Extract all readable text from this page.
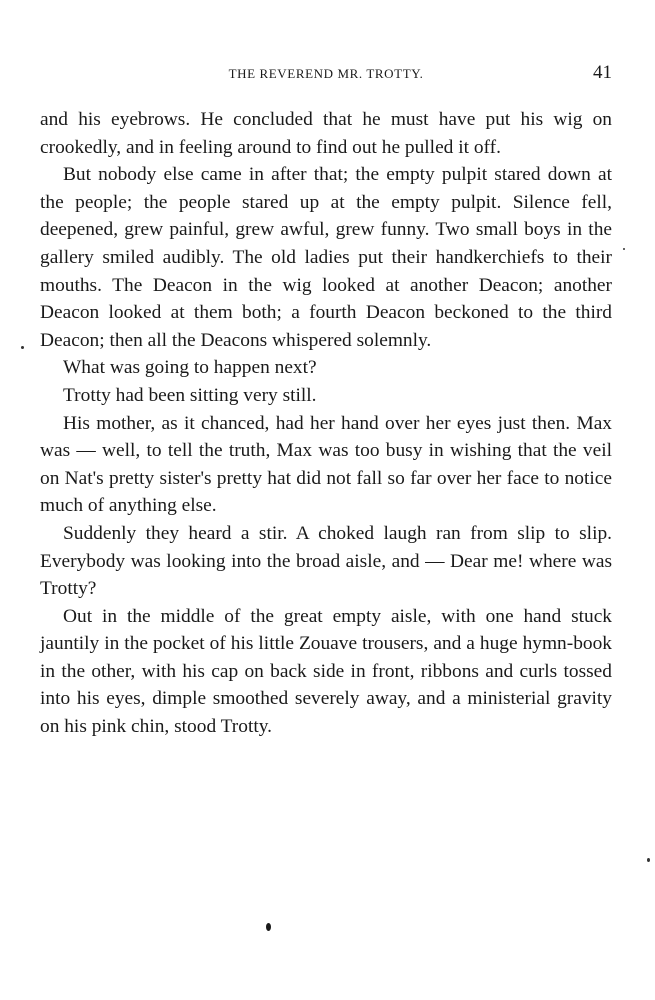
THE REVEREND MR. TROTTY.	41

and his eyebrows. He concluded that he must have put his wig on crookedly, and in feeling around to find out he pulled it off.

But nobody else came in after that; the empty pulpit stared down at the people; the people stared up at the empty pulpit. Silence fell, deepened, grew painful, grew awful, grew funny. Two small boys in the gallery smiled audibly. The old ladies put their handkerchiefs to their mouths. The Deacon in the wig looked at another Deacon; another Deacon looked at them both; a fourth Deacon beckoned to the third Deacon; then all the Deacons whispered solemnly.

What was going to happen next?

Trotty had been sitting very still.

His mother, as it chanced, had her hand over her eyes just then. Max was — well, to tell the truth, Max was too busy in wishing that the veil on Nat's pretty sister's pretty hat did not fall so far over her face to notice much of anything else.

Suddenly they heard a stir. A choked laugh ran from slip to slip. Everybody was looking into the broad aisle, and — Dear me! where was Trotty?

Out in the middle of the great empty aisle, with one hand stuck jauntily in the pocket of his little Zouave trousers, and a huge hymn-book in the other, with his cap on back side in front, ribbons and curls tossed into his eyes, dimple smoothed severely away, and a ministerial gravity on his pink chin, stood Trotty.
